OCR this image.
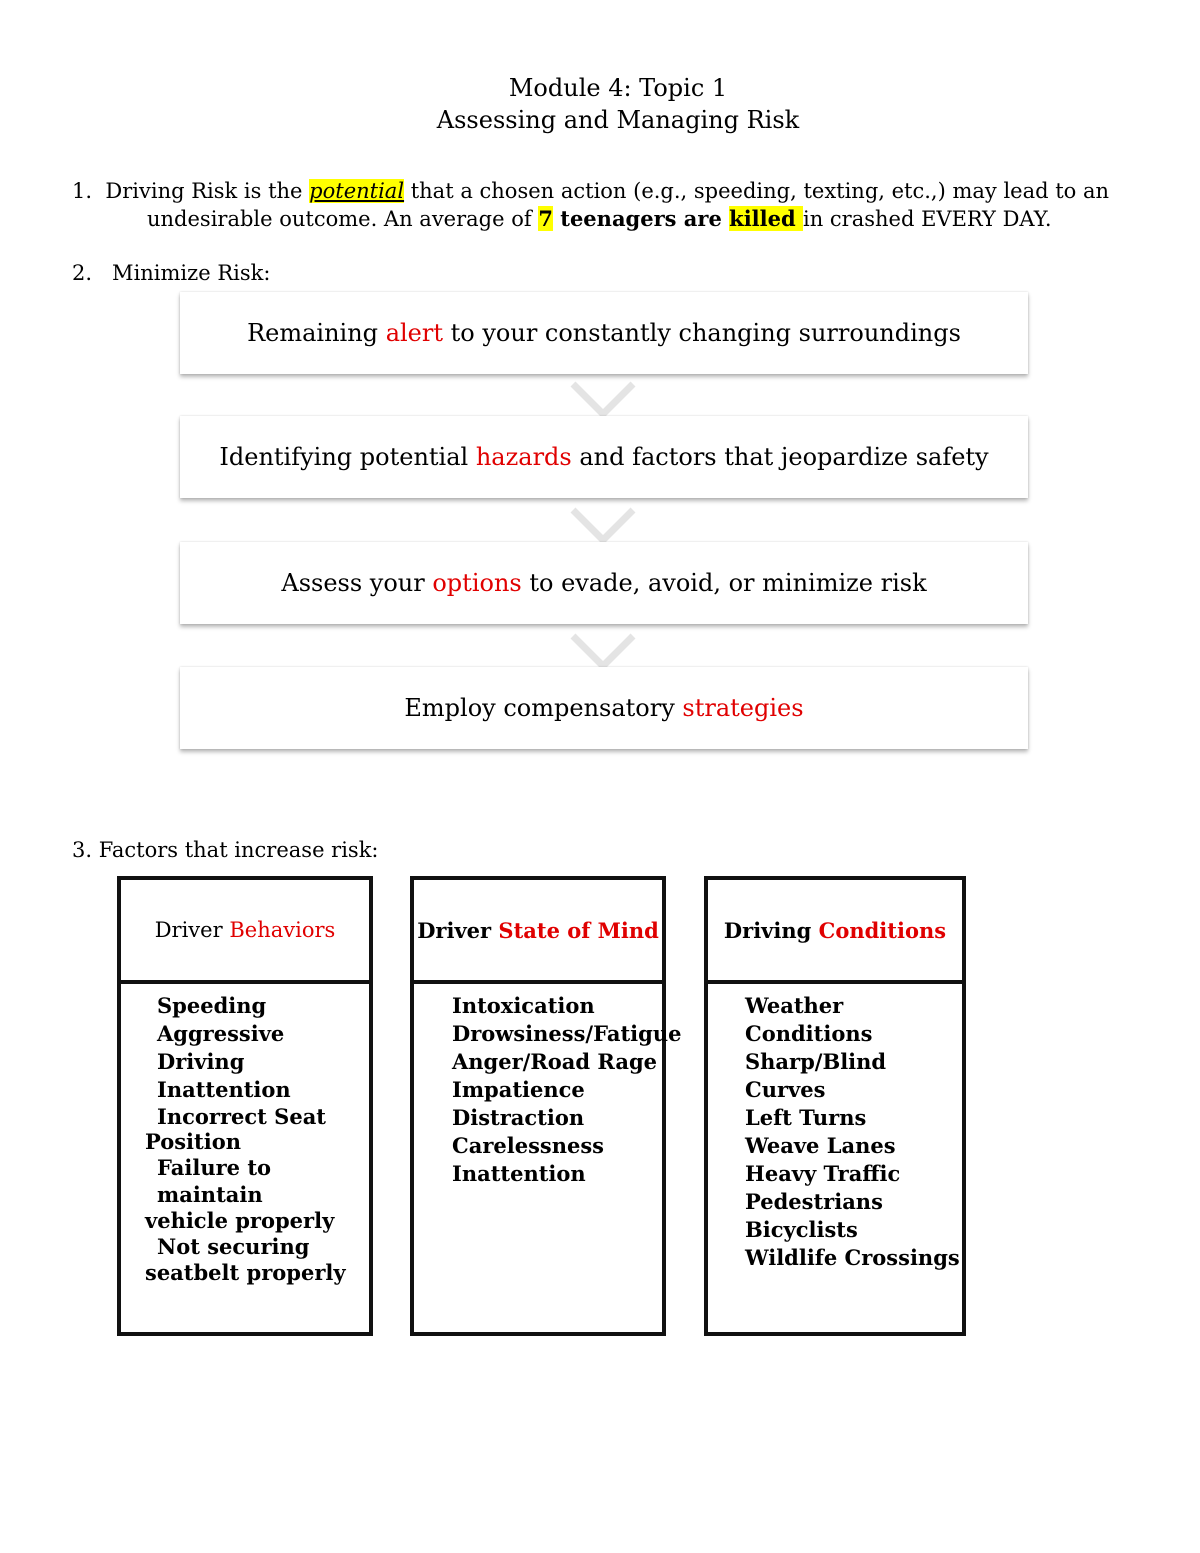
Module 4: Topic 1
Assessing and Managing Risk
1. Driving Risk is the potential that a chosen action (e.g., speeding, texting, etc.,) may lead to an
undesirable outcome. An average of 7 teenagers are killed in crashed EVERY DAY.
2.   Minimize Risk:
Remaining alert to your constantly changing surroundings
Identifying potential hazards and factors that jeopardize safety
Assess your options to evade, avoid, or minimize risk
Employ compensatory strategies
3. Factors that increase risk:
Driver Behaviors
Speeding
Aggressive Driving
Inattention
Incorrect Seat
Position
Failure to maintain
vehicle properly
Not securing
seatbelt properly
Driver State of Mind
Intoxication
Drowsiness/Fatigue
Anger/Road Rage
Impatience
Distraction
Carelessness
Inattention
Driving Conditions
Weather Conditions
Sharp/Blind Curves
Left Turns
Weave Lanes
Heavy Traffic
Pedestrians
Bicyclists
Wildlife Crossings
